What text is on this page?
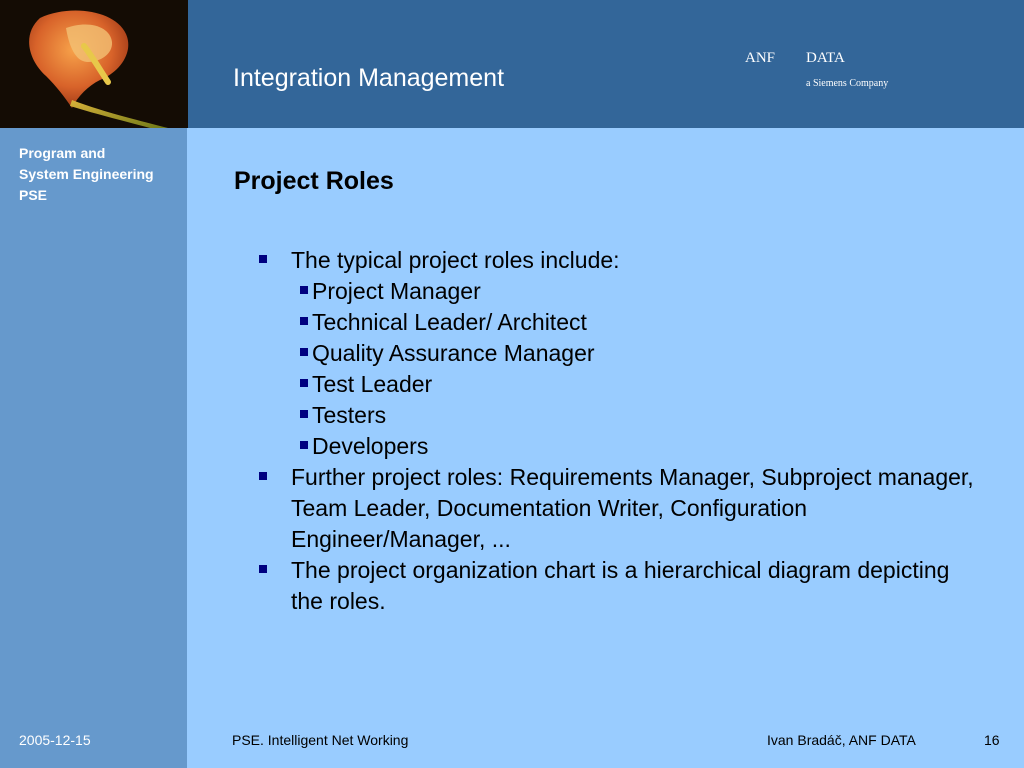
Integration Management
ANF DATA
a Siemens Company
Program and
System Engineering
PSE	Project Roles
The typical project roles include:
Project Manager
Technical Leader/ Architect
Quality Assurance Manager
Test Leader
Testers
Developers
Further project roles: Requirements Manager, Subproject manager, Team Leader, Documentation Writer, Configuration Engineer/Manager, ...
The project organization chart is a hierarchical diagram depicting the roles.
2005-12-15	PSE. Intelligent Net Working	Ivan Bradáč, ANF DATA	16
